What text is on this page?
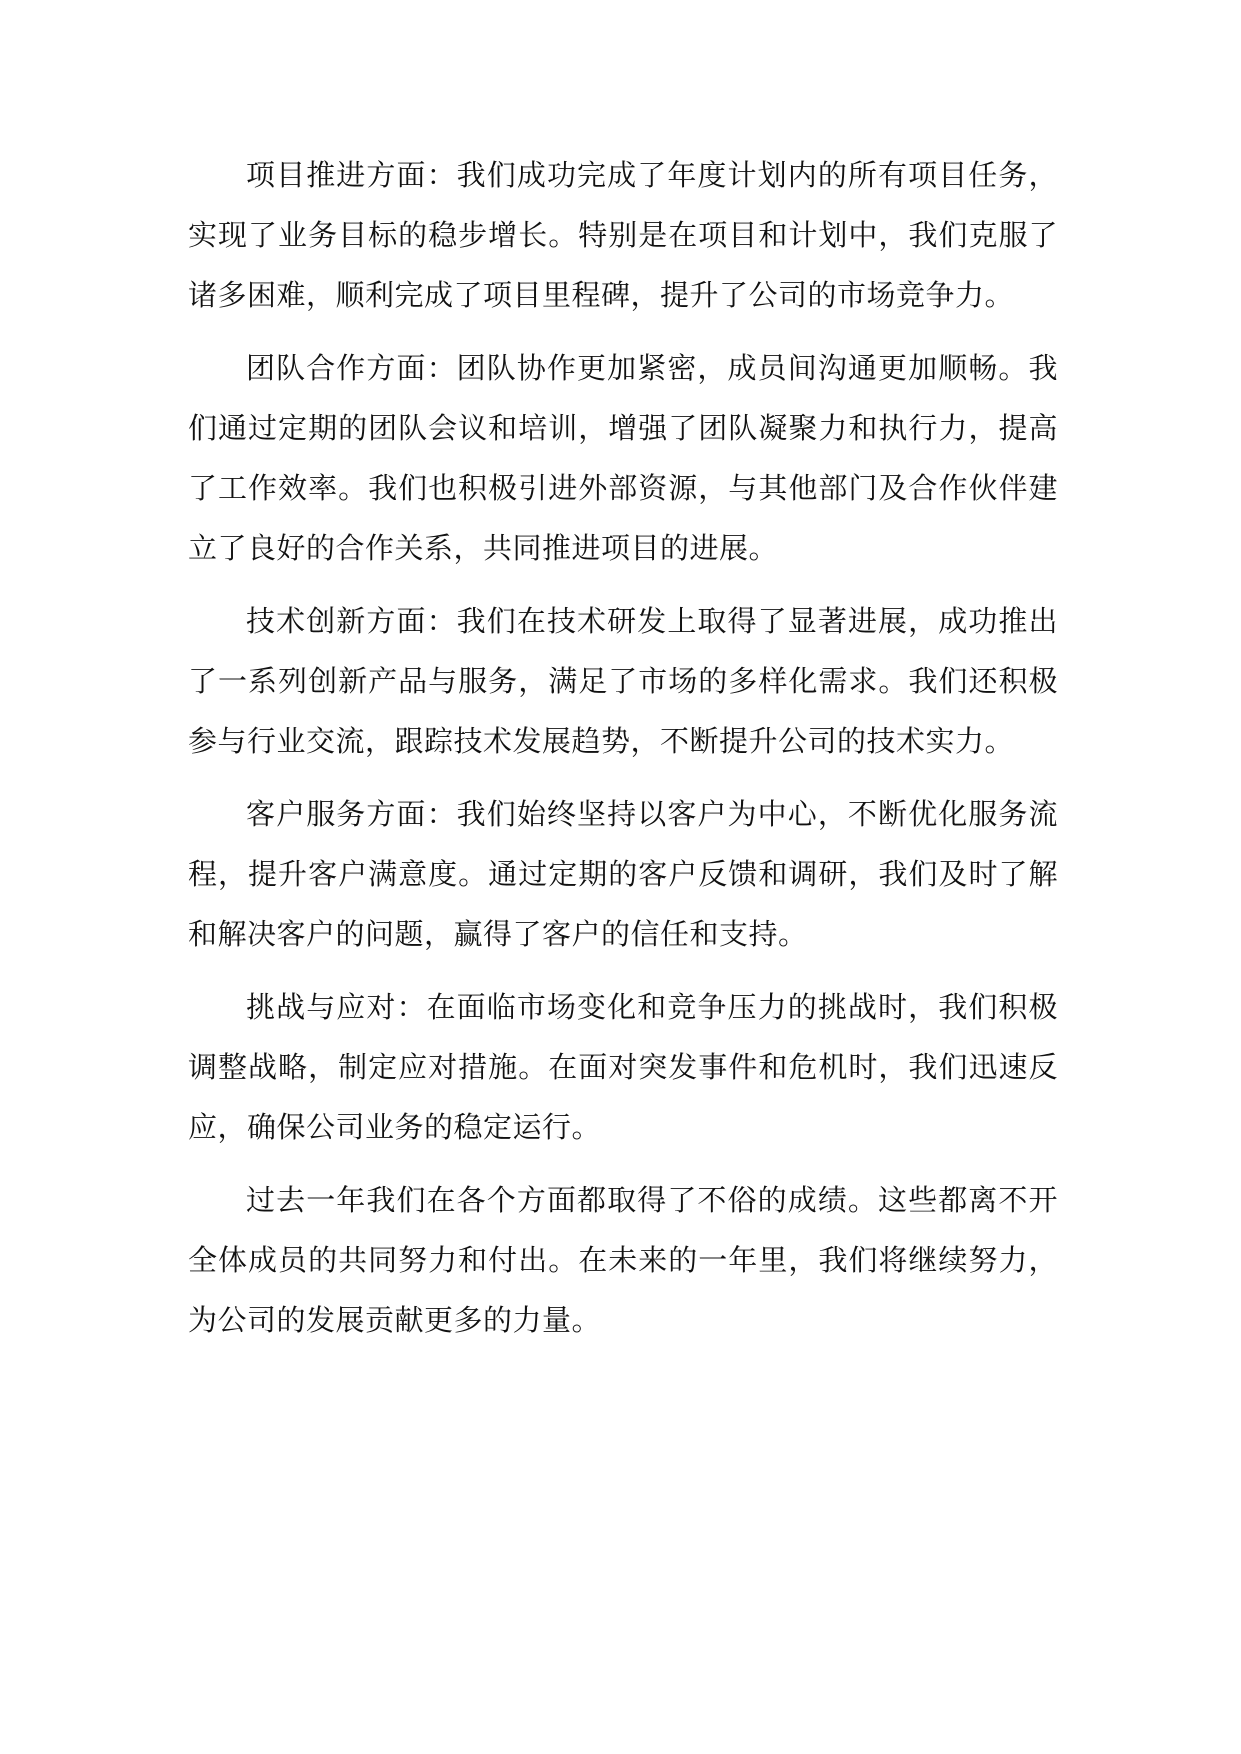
项目推进方面：我们成功完成了年度计划内的所有项目任务，实现了业务目标的稳步增长。特别是在项目和计划中，我们克服了诸多困难，顺利完成了项目里程碑，提升了公司的市场竞争力。

团队合作方面：团队协作更加紧密，成员间沟通更加顺畅。我们通过定期的团队会议和培训，增强了团队凝聚力和执行力，提高了工作效率。我们也积极引进外部资源，与其他部门及合作伙伴建立了良好的合作关系，共同推进项目的进展。

技术创新方面：我们在技术研发上取得了显著进展，成功推出了一系列创新产品与服务，满足了市场的多样化需求。我们还积极参与行业交流，跟踪技术发展趋势，不断提升公司的技术实力。

客户服务方面：我们始终坚持以客户为中心，不断优化服务流程，提升客户满意度。通过定期的客户反馈和调研，我们及时了解和解决客户的问题，赢得了客户的信任和支持。

挑战与应对：在面临市场变化和竞争压力的挑战时，我们积极调整战略，制定应对措施。在面对突发事件和危机时，我们迅速反应，确保公司业务的稳定运行。

过去一年我们在各个方面都取得了不俗的成绩。这些都离不开全体成员的共同努力和付出。在未来的一年里，我们将继续努力，为公司的发展贡献更多的力量。
